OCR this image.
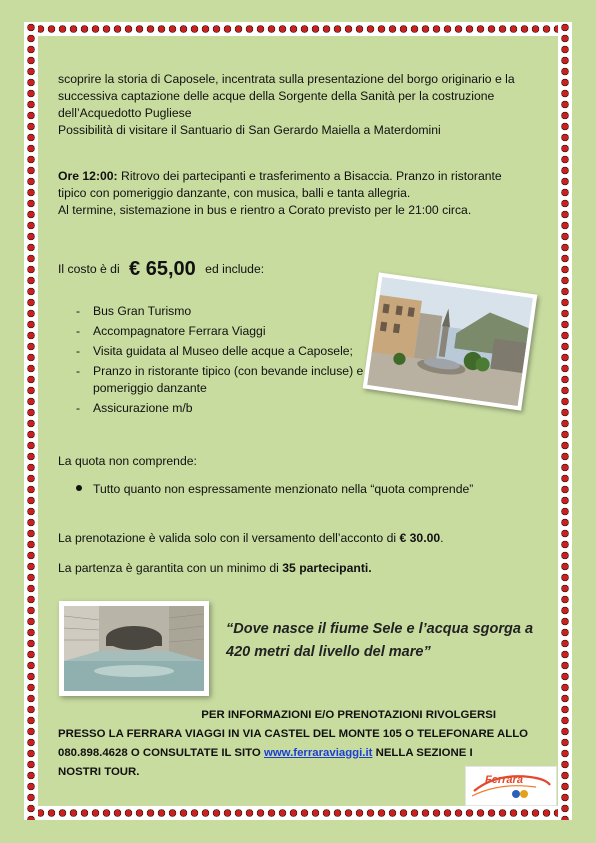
scoprire la storia di Caposele, incentrata sulla presentazione del borgo originario e la
successiva captazione delle acque della Sorgente della Sanità per la costruzione
dell’Acquedotto Pugliese
Possibilità di visitare il Santuario di San Gerardo Maiella a Materdomini
Ore 12:00: Ritrovo dei partecipanti e trasferimento a Bisaccia. Pranzo in ristorante
tipico con pomeriggio danzante, con musica, balli e tanta allegria.
Al termine, sistemazione in bus e rientro a Corato previsto per le 21:00 circa.
Il costo è di € 65,00 ed include:
- Bus Gran Turismo
- Accompagnatore Ferrara Viaggi
- Visita guidata al Museo delle acque a Caposele;
- Pranzo in ristorante tipico (con bevande incluse) e pomeriggio danzante
- Assicurazione m/b
La quota non comprende:
Tutto quanto non espressamente menzionato nella “quota comprende”
La prenotazione è valida solo con il versamento dell’acconto di € 30.00.
La partenza è garantita con un minimo di 35 partecipanti.
“Dove nasce il fiume Sele e l’acqua sgorga a
420 metri dal livello del mare”
PER INFORMAZIONI E/O PRENOTAZIONI RIVOLGERSI
PRESSO LA FERRARA VIAGGI IN VIA CASTEL DEL MONTE 105 O TELEFONARE ALLO
080.898.4628 O CONSULTATE IL SITO www.ferraraviaggi.it NELLA SEZIONE I
NOSTRI TOUR.
Ferrara
